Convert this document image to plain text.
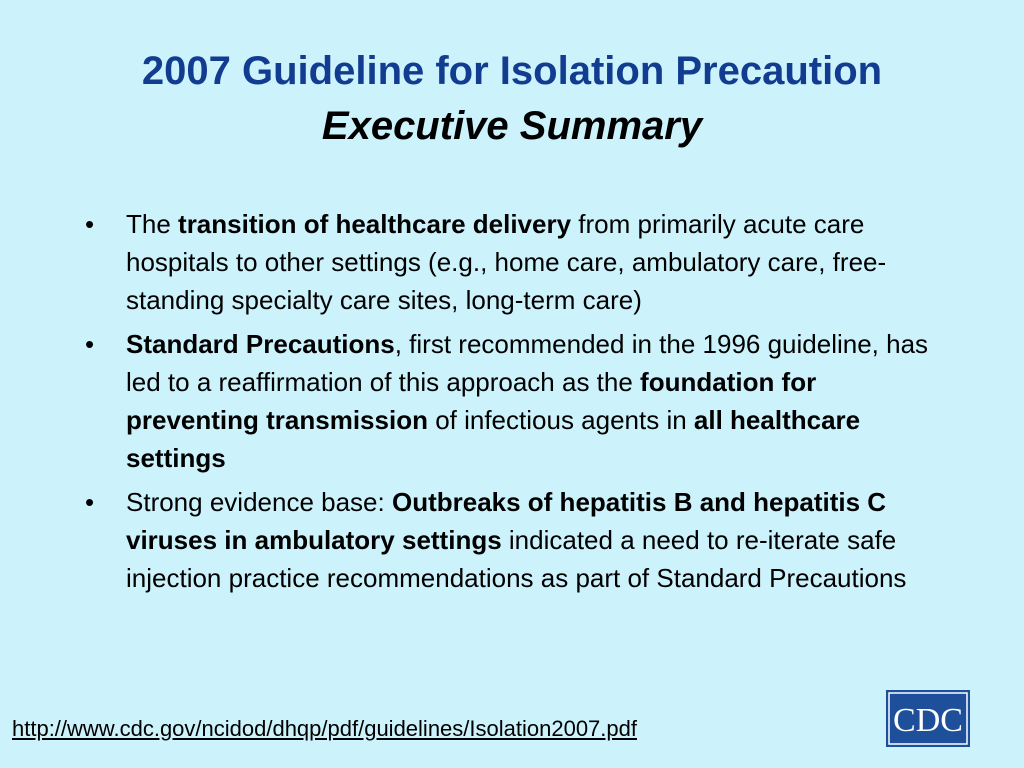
2007 Guideline for Isolation Precaution
Executive Summary
• The transition of healthcare delivery from primarily acute care hospitals to other settings (e.g., home care, ambulatory care, free-standing specialty care sites, long-term care)
• Standard Precautions, first recommended in the 1996 guideline, has led to a reaffirmation of this approach as the foundation for preventing transmission of infectious agents in all healthcare settings
• Strong evidence base: Outbreaks of hepatitis B and hepatitis C viruses in ambulatory settings indicated a need to re-iterate safe injection practice recommendations as part of Standard Precautions
http://www.cdc.gov/ncidod/dhqp/pdf/guidelines/Isolation2007.pdf	CDC
